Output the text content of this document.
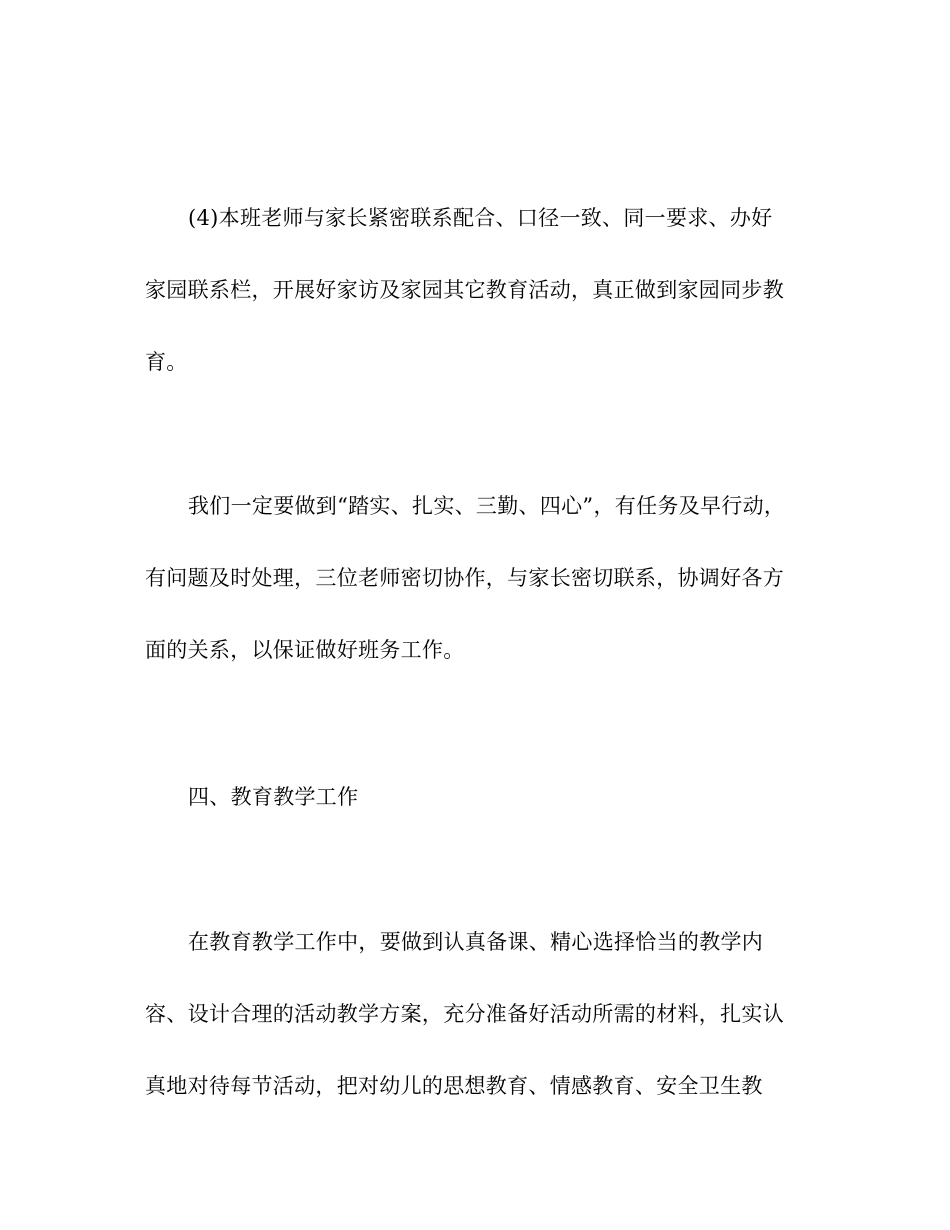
(4)本班老师与家长紧密联系配合、口径一致、同一要求、办好
家园联系栏，开展好家访及家园其它教育活动，真正做到家园同步教
育。
我们一定要做到“踏实、扎实、三勤、四心”，有任务及早行动，
有问题及时处理，三位老师密切协作，与家长密切联系，协调好各方
面的关系，以保证做好班务工作。
四、教育教学工作
在教育教学工作中，要做到认真备课、精心选择恰当的教学内
容、设计合理的活动教学方案，充分准备好活动所需的材料，扎实认
真地对待每节活动，把对幼儿的思想教育、情感教育、安全卫生教
